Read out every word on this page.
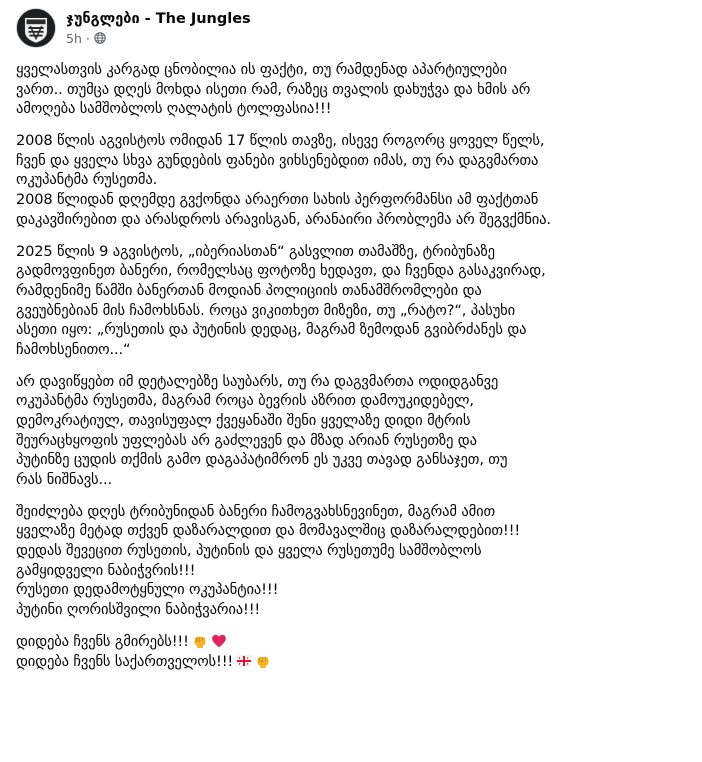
ჯუნგლები - The Jungles
5h ·
ყველასთვის კარგად ცნობილია ის ფაქტი, თუ რამდენად აპარტიულები
ვართ.. თუმცა დღეს მოხდა ისეთი რამ, რაზეც თვალის დახუჭვა და ხმის არ
ამოღება სამშობლოს ღალატის ტოლფასია!!!
2008 წლის აგვისტოს ომიდან 17 წლის თავზე, ისევე როგორც ყოველ წელს,
ჩვენ და ყველა სხვა გუნდების ფანები ვიხსენებდით იმას, თუ რა დაგვმართა
ოკუპანტმა რუსეთმა.
2008 წლიდან დღემდე გვქონდა არაერთი სახის პერფორმანსი ამ ფაქტთან
დაკავშირებით და არასდროს არავისგან, არანაირი პრობლემა არ შეგვქმნია.
2025 წლის 9 აგვისტოს, „იბერიასთან“ გასვლით თამაშზე, ტრიბუნაზე
გადმოვფინეთ ბანერი, რომელსაც ფოტოზე ხედავთ, და ჩვენდა გასაკვირად,
რამდენიმე წამში ბანერთან მოდიან პოლიციის თანამშრომლები და
გვეუბნებიან მის ჩამოხსნას. როცა ვიკითხეთ მიზეზი, თუ „რატო?“, პასუხი
ასეთი იყო: „რუსეთის და პუტინის დედაც, მაგრამ ზემოდან გვიბრძანეს და
ჩამოხსენითო...“
არ დავიწყებთ იმ დეტალებზე საუბარს, თუ რა დაგვმართა ოდიდგანვე
ოკუპანტმა რუსეთმა, მაგრამ როცა ბევრის აზრით დამოუკიდებელ,
დემოკრატიულ, თავისუფალ ქვეყანაში შენი ყველაზე დიდი მტრის
შეურაცხყოფის უფლებას არ გაძლევენ და მზად არიან რუსეთზე და
პუტინზე ცუდის თქმის გამო დაგაპატიმრონ ეს უკვე თავად განსაჯეთ, თუ
რას ნიშნავს...
შეიძლება დღეს ტრიბუნიდან ბანერი ჩამოგვახსნევინეთ, მაგრამ ამით
ყველაზე მეტად თქვენ დაზარალდით და მომავალშიც დაზარალდებით!!!
დედას შევეცით რუსეთის, პუტინის და ყველა რუსეთუმე სამშობლოს
გამყიდველი ნაბიჭვრის!!!
რუსეთი დედამოტყნული ოკუპანტია!!!
პუტინი ღორისშვილი ნაბიჭვარია!!!
დიდება ჩვენს გმირებს!!!
დიდება ჩვენს საქართველოს!!!
